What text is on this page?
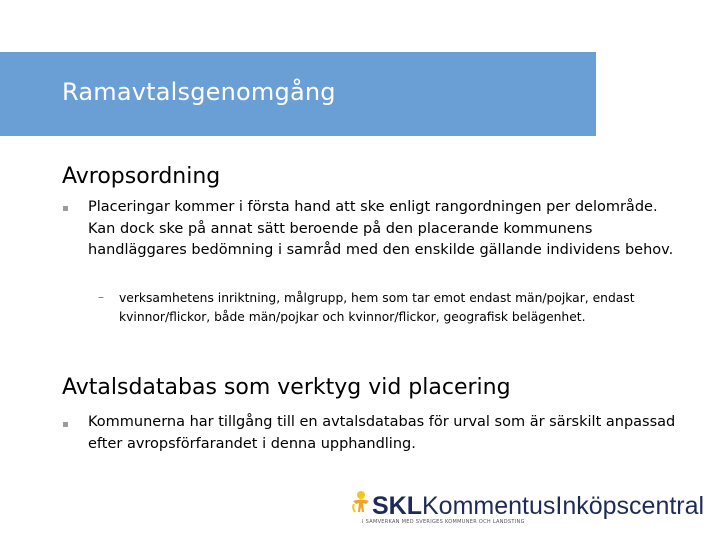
Ramavtalsgenomgång
Avropsordning
▪ Placeringar kommer i första hand att ske enligt rangordningen per delområde. Kan dock ske på annat sätt beroende på den placerande kommunens handläggares bedömning i samråd med den enskilde gällande individens behov.
– verksamhetens inriktning, målgrupp, hem som tar emot endast män/pojkar, endast kvinnor/flickor, både män/pojkar och kvinnor/flickor, geografisk belägenhet.
Avtalsdatabas som verktyg vid placering
▪ Kommunerna har tillgång till en avtalsdatabas för urval som är särskilt anpassad efter avropsförfarandet i denna upphandling.
SKLKommentusInköpscentral
I SAMVERKAN MED SVERIGES KOMMUNER OCH LANDSTING
